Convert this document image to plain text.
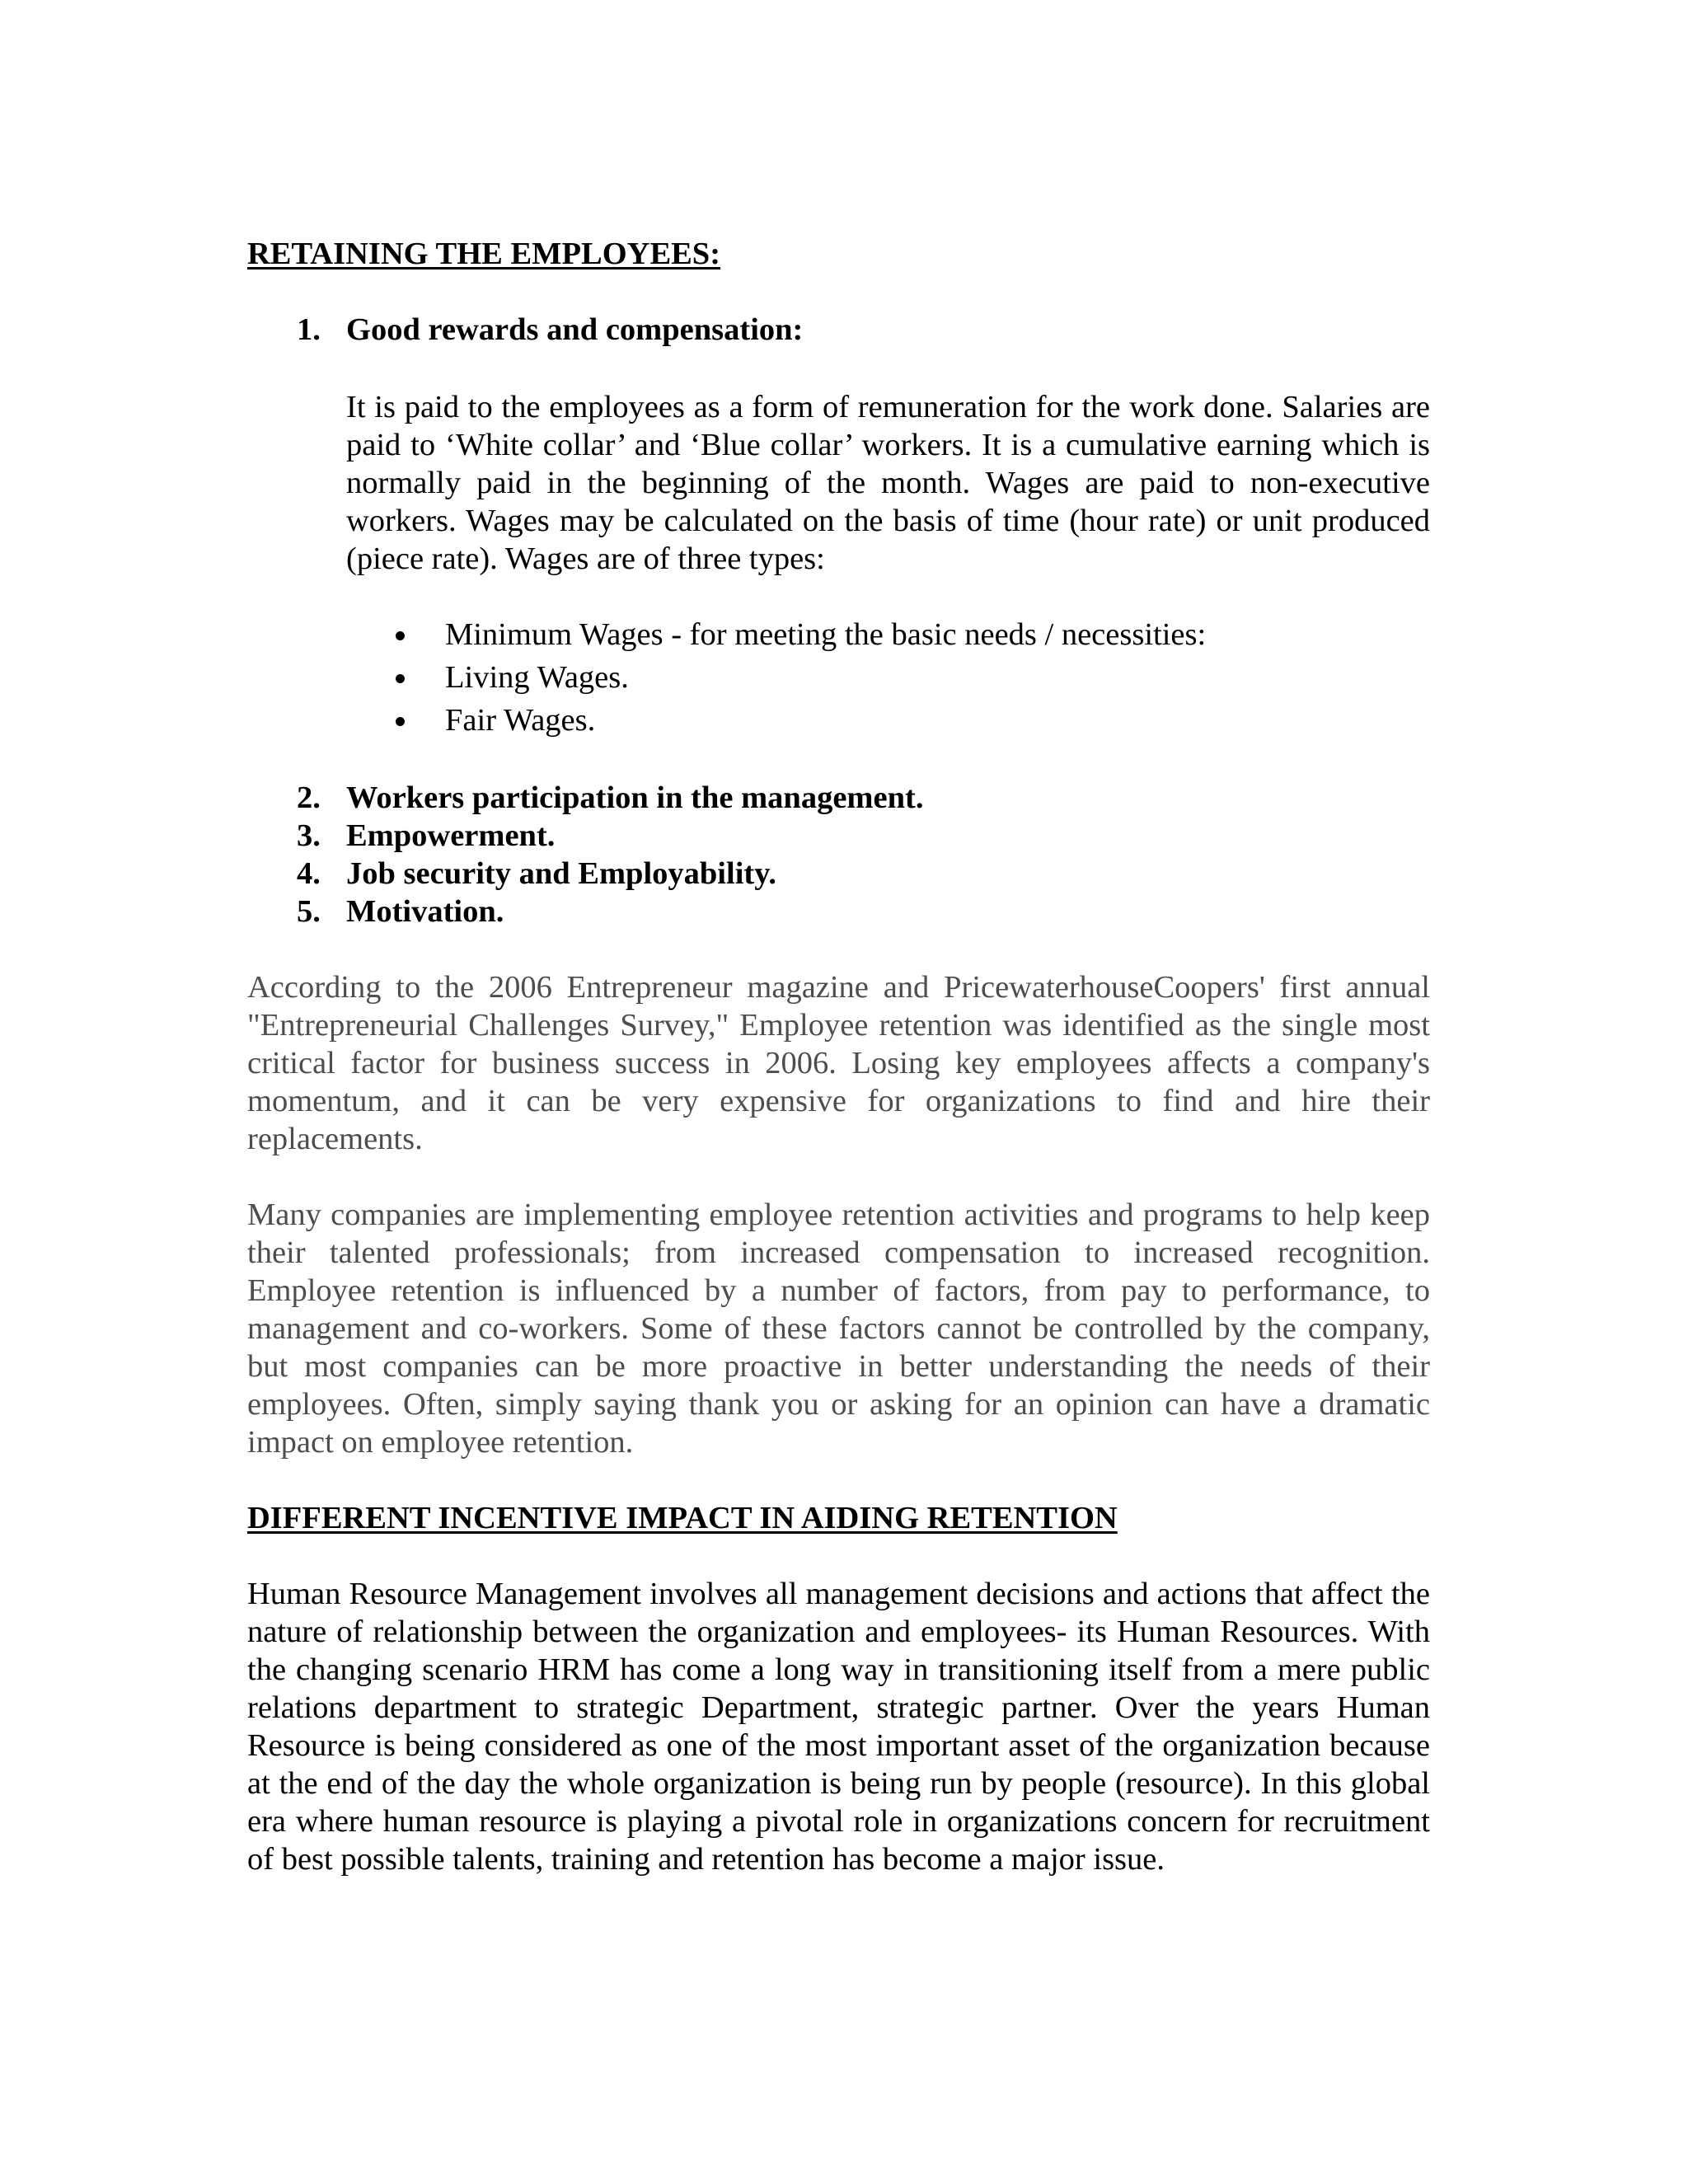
RETAINING THE EMPLOYEES:

1. Good rewards and compensation:

It is paid to the employees as a form of remuneration for the work done. Salaries are paid to ‘White collar’ and ‘Blue collar’ workers. It is a cumulative earning which is normally paid in the beginning of the month. Wages are paid to non-executive workers. Wages may be calculated on the basis of time (hour rate) or unit produced (piece rate). Wages are of three types:

Minimum Wages - for meeting the basic needs / necessities:
Living Wages.
Fair Wages.
2. Workers participation in the management.
3. Empowerment.
4. Job security and Employability.
5. Motivation.

According to the 2006 Entrepreneur magazine and PricewaterhouseCoopers' first annual "Entrepreneurial Challenges Survey," Employee retention was identified as the single most critical factor for business success in 2006. Losing key employees affects a company's momentum, and it can be very expensive for organizations to find and hire their replacements.

Many companies are implementing employee retention activities and programs to help keep their talented professionals; from increased compensation to increased recognition. Employee retention is influenced by a number of factors, from pay to performance, to management and co-workers. Some of these factors cannot be controlled by the company, but most companies can be more proactive in better understanding the needs of their employees. Often, simply saying thank you or asking for an opinion can have a dramatic impact on employee retention.

DIFFERENT INCENTIVE IMPACT IN AIDING RETENTION

Human Resource Management involves all management decisions and actions that affect the nature of relationship between the organization and employees- its Human Resources. With the changing scenario HRM has come a long way in transitioning itself from a mere public relations department to strategic Department, strategic partner. Over the years Human Resource is being considered as one of the most important asset of the organization because at the end of the day the whole organization is being run by people (resource). In this global era where human resource is playing a pivotal role in organizations concern for recruitment of best possible talents, training and retention has become a major issue.
